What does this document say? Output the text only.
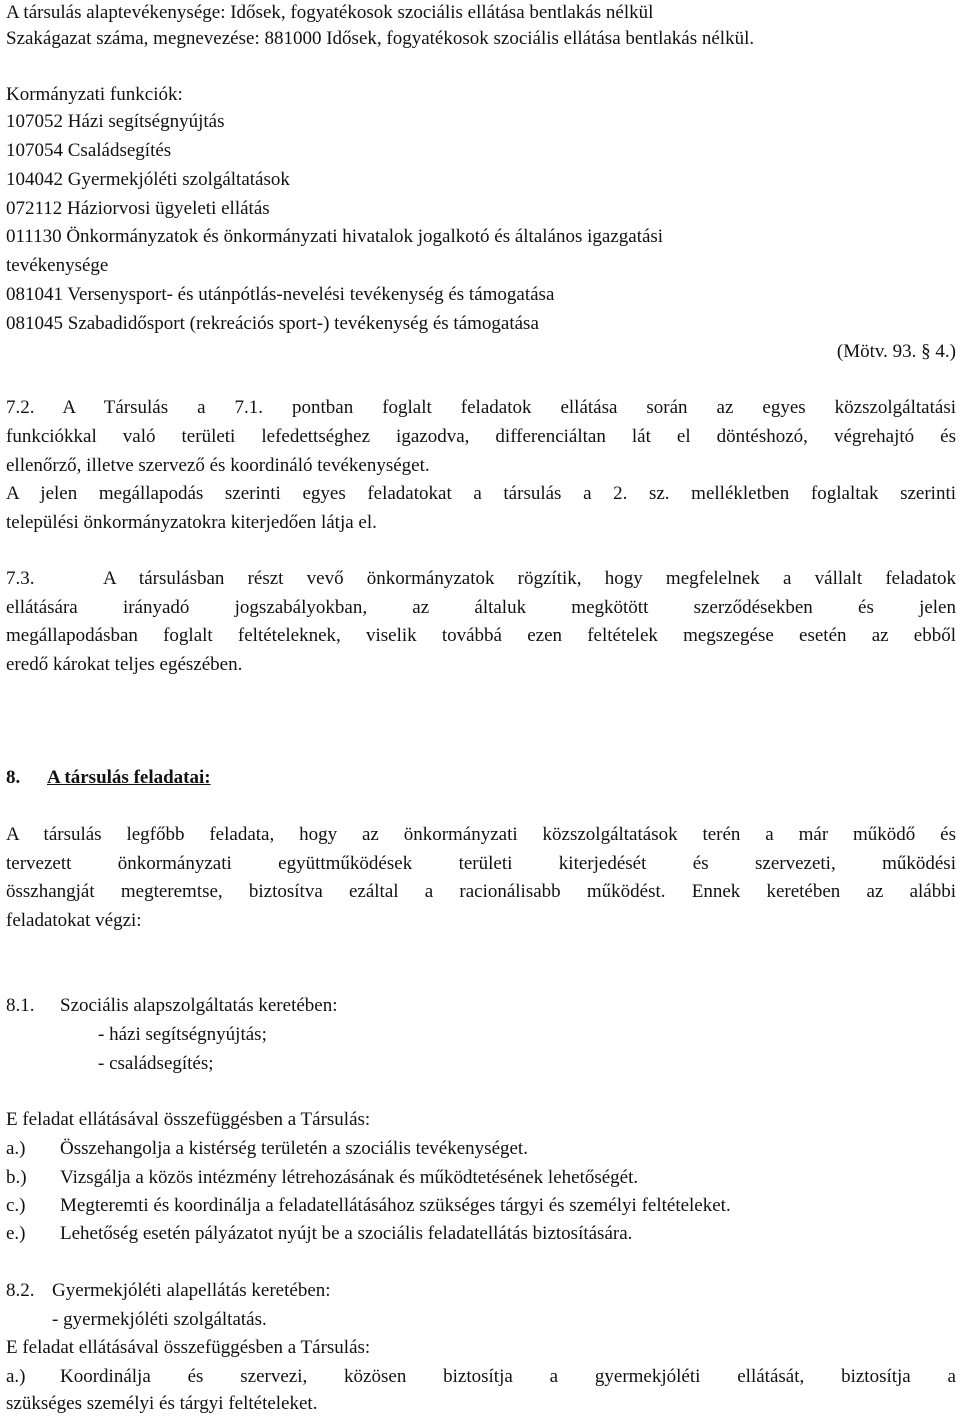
A társulás alaptevékenysége: Idősek, fogyatékosok szociális ellátása bentlakás nélkül
Szakágazat száma, megnevezése: 881000 Idősek, fogyatékosok szociális ellátása bentlakás nélkül.
Kormányzati funkciók:
107052 Házi segítségnyújtás
107054 Családsegítés
104042 Gyermekjóléti szolgáltatások
072112 Háziorvosi ügyeleti ellátás
011130 Önkormányzatok és önkormányzati hivatalok jogalkotó és általános igazgatási
tevékenysége
081041 Versenysport- és utánpótlás-nevelési tevékenység és támogatása
081045 Szabadidősport (rekreációs sport-) tevékenység és támogatása
(Mötv. 93. § 4.)
7.2. A Társulás a 7.1. pontban foglalt feladatok ellátása során az egyes közszolgáltatási
funkciókkal való területi lefedettséghez igazodva, differenciáltan lát el döntéshozó, végrehajtó és
ellenőrző, illetve szervező és koordináló tevékenységet.
A jelen megállapodás szerinti egyes feladatokat a társulás a 2. sz. mellékletben foglaltak szerinti
települési önkormányzatokra kiterjedően látja el.
7.3.   A társulásban részt vevő önkormányzatok rögzítik, hogy megfelelnek a vállalt feladatok
ellátására irányadó jogszabályokban, az általuk megkötött szerződésekben és jelen
megállapodásban foglalt feltételeknek, viselik továbbá ezen feltételek megszegése esetén az ebből
eredő károkat teljes egészében.
8. A társulás feladatai:
A társulás legfőbb feladata, hogy az önkormányzati közszolgáltatások terén a már működő és
tervezett önkormányzati együttműködések területi kiterjedését és szervezeti, működési
összhangját megteremtse, biztosítva ezáltal a racionálisabb működést. Ennek keretében az alábbi
feladatokat végzi:
8.1. Szociális alapszolgáltatás keretében:
- házi segítségnyújtás;
- családsegítés;
E feladat ellátásával összefüggésben a Társulás:
a.) Összehangolja a kistérség területén a szociális tevékenységet.
b.) Vizsgálja a közös intézmény létrehozásának és működtetésének lehetőségét.
c.) Megteremti és koordinálja a feladatellátásához szükséges tárgyi és személyi feltételeket.
e.) Lehetőség esetén pályázatot nyújt be a szociális feladatellátás biztosítására.
8.2. Gyermekjóléti alapellátás keretében:
- gyermekjóléti szolgáltatás.
E feladat ellátásával összefüggésben a Társulás:
a.) Koordinálja és szervezi, közösen biztosítja a gyermekjóléti ellátását, biztosítja a
szükséges személyi és tárgyi feltételeket.
